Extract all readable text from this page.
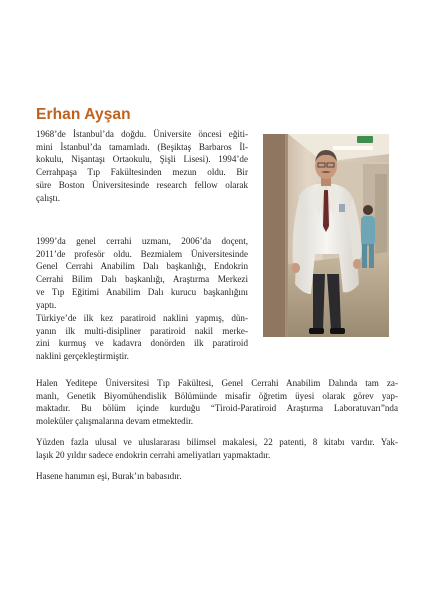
Erhan Ayşan

1968’de İstanbul’da doğdu. Üniversite öncesi eğiti-
mini İstanbul’da tamamladı. (Beşiktaş Barbaros İl-
kokulu, Nişantaşı Ortaokulu, Şişli Lisesi). 1994’de
Cerrahpaşa Tıp Fakültesinden mezun oldu. Bir
süre Boston Üniversitesinde research fellow olarak
çalıştı.

1999’da genel cerrahi uzmanı, 2006’da doçent,
2011’de profesör oldu. Bezmialem Üniversitesinde
Genel Cerrahi Anabilim Dalı başkanlığı, Endokrin
Cerrahi Bilim Dalı başkanlığı, Araştırma Merkezi
ve Tıp Eğitimi Anabilim Dalı kurucu başkanlığını
yaptı.

Türkiye’de ilk kez paratiroid naklini yapmış, dün-
yanın ilk multi-disipliner paratiroid nakil merke-
zini kurmuş ve kadavra donörden ilk paratiroid
naklini gerçekleştirmiştir.

Halen Yeditepe Üniversitesi Tıp Fakültesi, Genel Cerrahi Anabilim Dalında tam za-
manlı, Genetik Biyomühendislik Bölümünde misafir öğretim üyesi olarak görev yap-
maktadır. Bu bölüm içinde kurduğu “Tiroid-Paratiroid Araştırma Laboratuvarı”nda
moleküler çalışmalarına devam etmektedir.

Yüzden fazla ulusal ve uluslararası bilimsel makalesi, 22 patenti, 8 kitabı vardır. Yak-
laşık 20 yıldır sadece endokrin cerrahi ameliyatları yapmaktadır.

Hasene hanımın eşi, Burak’ın babasıdır.
